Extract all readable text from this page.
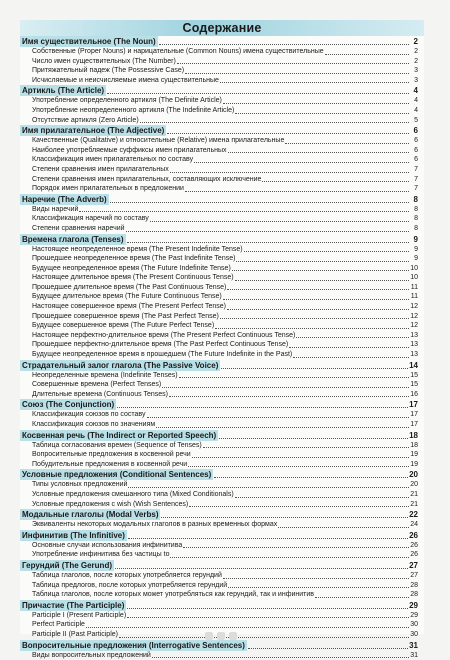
Содержание
Имя существительное (The Noun)	2
Собственные (Proper Nouns) и нарицательные (Common Nouns) имена существительные	2
Число имен существительных (The Number)	2
Притяжательный падеж (The Possessive Case)	3
Исчисляемые и неисчисляемые имена существительные	3
Артикль (The Article)	4
Употребление определенного артикля (The Definite Article)	4
Употребление неопределенного артикля (The Indefinite Article)	4
Отсутствие артикля (Zero Article)	5
Имя прилагательное (The Adjective)	6
Качественные (Qualitative) и относительные (Relative) имена прилагательные	6
Наиболее употребляемые суффиксы имен прилагательных	6
Классификация имен прилагательных по составу	6
Степени сравнения имен прилагательных	7
Степени сравнения имен прилагательных, составляющих исключение	7
Порядок имен прилагательных в предложении	7
Наречие (The Adverb)	8
Виды наречий	8
Классификация наречий по составу	8
Степени сравнения наречий	8
Времена глагола (Tenses)	9
Настоящее неопределенное время (The Present Indefinite Tense)	9
Прошедшее неопределенное время (The Past Indefinite Tense)	9
Будущее неопределенное время (The Future Indefinite Tense)	10
Настоящее длительное время (The Present Continuous Tense)	10
Прошедшее длительное время (The Past Continuous Tense)	11
Будущее длительное время (The Future Continuous Tense)	11
Настоящее совершенное время (The Present Perfect Tense)	12
Прошедшее совершенное время (The Past Perfect Tense)	12
Будущее совершенное время (The Future Perfect Tense)	12
Настоящее перфектно-длительное время (The Present Perfect Continuous Tense)	13
Прошедшее перфектно-длительное время (The Past Perfect Continuous Tense)	13
Будущее неопределенное время в прошедшем (The Future Indefinite in the Past)	13
Страдательный залог глагола (The Passive Voice)	14
Неопределенные времена (Indefinite Tenses)	15
Совершенные времена (Perfect Tenses)	15
Длительные времена (Continuous Tenses)	16
Союз (The Conjunction)	17
Классификация союзов по составу	17
Классификация союзов по значениям	17
Косвенная речь (The Indirect or Reported Speech)	18
Таблица согласования времен (Sequence of Tenses)	18
Вопросительные предложения в косвенной речи	19
Побудительные предложения в косвенной речи	19
Условные предложения (Conditional Sentences)	20
Типы условных предложений	20
Условные предложения смешанного типа (Mixed Conditionals)	21
Условные предложения с wish (Wish Sentences)	21
Модальные глаголы (Modal Verbs)	22
Эквиваленты некоторых модальных глаголов в разных временных формах	24
Инфинитив (The Infinitive)	26
Основные случаи использования инфинитива	26
Употребление инфинитива без частицы to	26
Герундий (The Gerund)	27
Таблица глаголов, после которых употребляется герундий	27
Таблица предлогов, после которых употребляется герундий	28
Таблица глаголов, после которых может употребляться как герундий, так и инфинитив	28
Причастие (The Participle)	29
Participle I (Present Participle)	29
Perfect Participle	30
Participle II (Past Participle)	30
Вопросительные предложения (Interrogative Sentences)	31
Виды вопросительных предложений	31
